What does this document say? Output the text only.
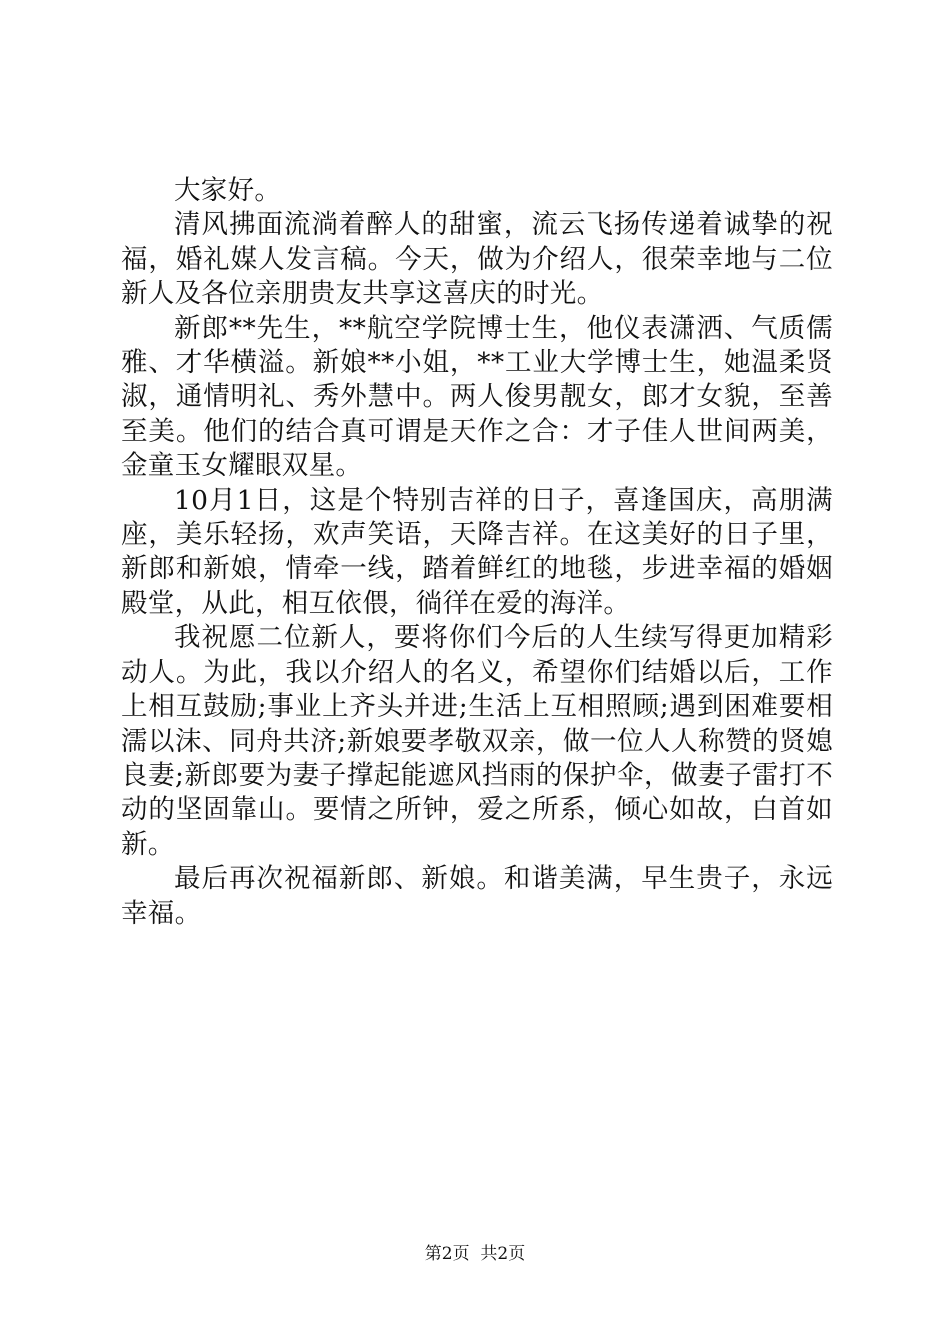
大家好。

清风拂面流淌着醉人的甜蜜，流云飞扬传递着诚挚的祝福，婚礼媒人发言稿。今天，做为介绍人，很荣幸地与二位新人及各位亲朋贵友共享这喜庆的时光。

新郎**先生，**航空学院博士生，他仪表潇洒、气质儒雅、才华横溢。新娘**小姐，**工业大学博士生，她温柔贤淑，通情明礼、秀外慧中。两人俊男靓女，郎才女貌，至善至美。他们的结合真可谓是天作之合：才子佳人世间两美，金童玉女耀眼双星。

10月1日，这是个特别吉祥的日子，喜逢国庆，高朋满座，美乐轻扬，欢声笑语，天降吉祥。在这美好的日子里，新郎和新娘，情牵一线，踏着鲜红的地毯，步进幸福的婚姻殿堂，从此，相互依偎，徜徉在爱的海洋。

我祝愿二位新人，要将你们今后的人生续写得更加精彩动人。为此，我以介绍人的名义，希望你们结婚以后，工作上相互鼓励;事业上齐头并进;生活上互相照顾;遇到困难要相濡以沫、同舟共济;新娘要孝敬双亲，做一位人人称赞的贤媳良妻;新郎要为妻子撑起能遮风挡雨的保护伞，做妻子雷打不动的坚固靠山。要情之所钟，爱之所系，倾心如故，白首如新。

最后再次祝福新郎、新娘。和谐美满，早生贵子，永远幸福。

第2页  共2页
